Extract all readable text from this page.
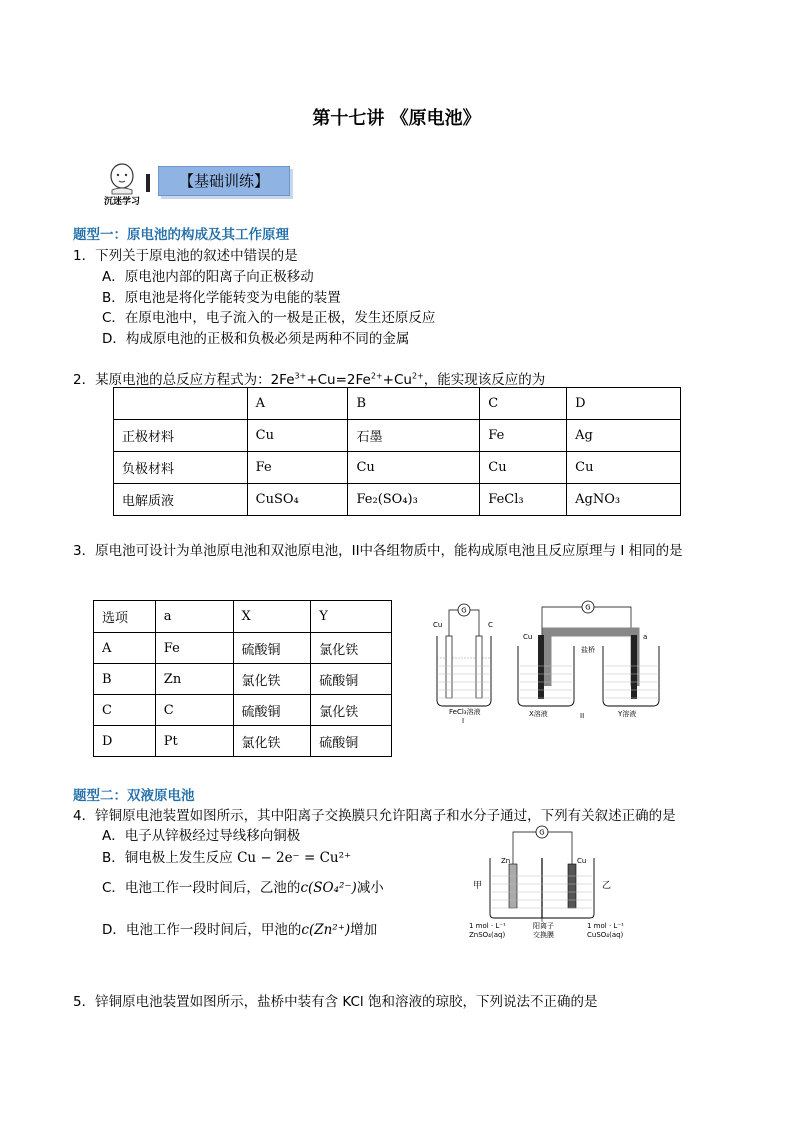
第十七讲 《原电池》
沉迷学习
【基础训练】
题型一：原电池的构成及其工作原理
1．下列关于原电池的叙述中错误的是
A．原电池内部的阳离子向正极移动
B．原电池是将化学能转变为电能的装置
C．在原电池中，电子流入的一极是正极，发生还原反应
D．构成原电池的正极和负极必须是两种不同的金属
2．某原电池的总反应方程式为：$2Fe^{3+}+Cu=2Fe^{2+}+Cu^{2+}$，能实现该反应的为
	A	B	C	D
正极材料	Cu	石墨	Fe	Ag
负极材料	Fe	Cu	Cu	Cu
电解质液	CuSO₄	Fe₂(SO₄)₃	FeCl₃	AgNO₃
3．原电池可设计为单池原电池和双池原电池，II中各组物质中，能构成原电池且反应原理与 I 相同的是
选项	a	X	Y
A	Fe	硫酸铜	氯化铁
B	Zn	氯化铁	硫酸铜
C	C	硫酸铜	氯化铁
D	Pt	氯化铁	硫酸铜
G
Cu	C
FeCl₃溶液
I
G
Cu	a
盐桥
X溶液	Y溶液
II
题型二：双液原电池
4．锌铜原电池装置如图所示，其中阳离子交换膜只允许阳离子和水分子通过，下列有关叙述正确的是
A．电子从锌极经过导线移向铜极
B．铜电极上发生反应 Cu − 2e⁻ = Cu²⁺
C．电池工作一段时间后，乙池的c(SO₄²⁻)减小
D．电池工作一段时间后，甲池的c(Zn²⁺)增加
G
Zn	Cu
甲	乙
阳离子
交换膜
1 mol · L⁻¹
ZnSO₄(aq)
1 mol · L⁻¹
CuSO₄(aq)
5．锌铜原电池装置如图所示，盐桥中装有含 KCl 饱和溶液的琼胶，下列说法不正确的是
